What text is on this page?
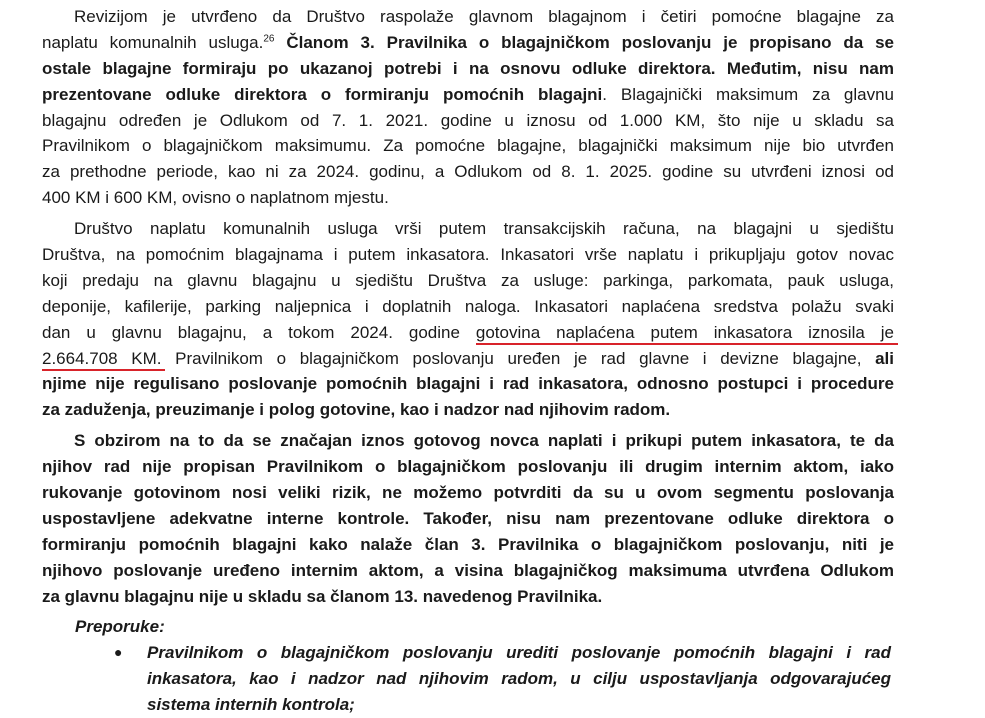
Revizijom je utvrđeno da Društvo raspolaže glavnom blagajnom i četiri pomoćne blagajne za
naplatu komunalnih usluga.$^{26}$ Članom 3. Pravilnika o blagajničkom poslovanju je propisano da se
ostale blagajne formiraju po ukazanoj potrebi i na osnovu odluke direktora. Međutim, nisu nam
prezentovane odluke direktora o formiranju pomoćnih blagajni. Blagajnički maksimum za glavnu
blagajnu određen je Odlukom od 7. 1. 2021. godine u iznosu od 1.000 KM, što nije u skladu sa
Pravilnikom o blagajničkom maksimumu. Za pomoćne blagajne, blagajnički maksimum nije bio utvrđen
za prethodne periode, kao ni za 2024. godinu, a Odlukom od 8. 1. 2025. godine su utvrđeni iznosi od
400 KM i 600 KM, ovisno o naplatnom mjestu.
Društvo naplatu komunalnih usluga vrši putem transakcijskih računa, na blagajni u sjedištu
Društva, na pomoćnim blagajnama i putem inkasatora. Inkasatori vrše naplatu i prikupljaju gotov novac
koji predaju na glavnu blagajnu u sjedištu Društva za usluge: parkinga, parkomata, pauk usluga,
deponije, kafilerije, parking naljepnica i doplatnih naloga. Inkasatori naplaćena sredstva polažu svaki
dan u glavnu blagajnu, a tokom 2024. godine gotovina naplaćena putem inkasatora iznosila je
2.664.708 KM. Pravilnikom o blagajničkom poslovanju uređen je rad glavne i devizne blagajne, ali
njime nije regulisano poslovanje pomoćnih blagajni i rad inkasatora, odnosno postupci i procedure
za zaduženja, preuzimanje i polog gotovine, kao i nadzor nad njihovim radom.
S obzirom na to da se značajan iznos gotovog novca naplati i prikupi putem inkasatora, te da
njihov rad nije propisan Pravilnikom o blagajničkom poslovanju ili drugim internim aktom, iako
rukovanje gotovinom nosi veliki rizik, ne možemo potvrditi da su u ovom segmentu poslovanja
uspostavljene adekvatne interne kontrole. Također, nisu nam prezentovane odluke direktora o
formiranju pomoćnih blagajni kako nalaže član 3. Pravilnika o blagajničkom poslovanju, niti je
njihovo poslovanje uređeno internim aktom, a visina blagajničkog maksimuma utvrđena Odlukom
za glavnu blagajnu nije u skladu sa članom 13. navedenog Pravilnika.
Preporuke:
● Pravilnikom o blagajničkom poslovanju urediti poslovanje pomoćnih blagajni i rad
inkasatora, kao i nadzor nad njihovim radom, u cilju uspostavljanja odgovarajućeg
sistema internih kontrola;
